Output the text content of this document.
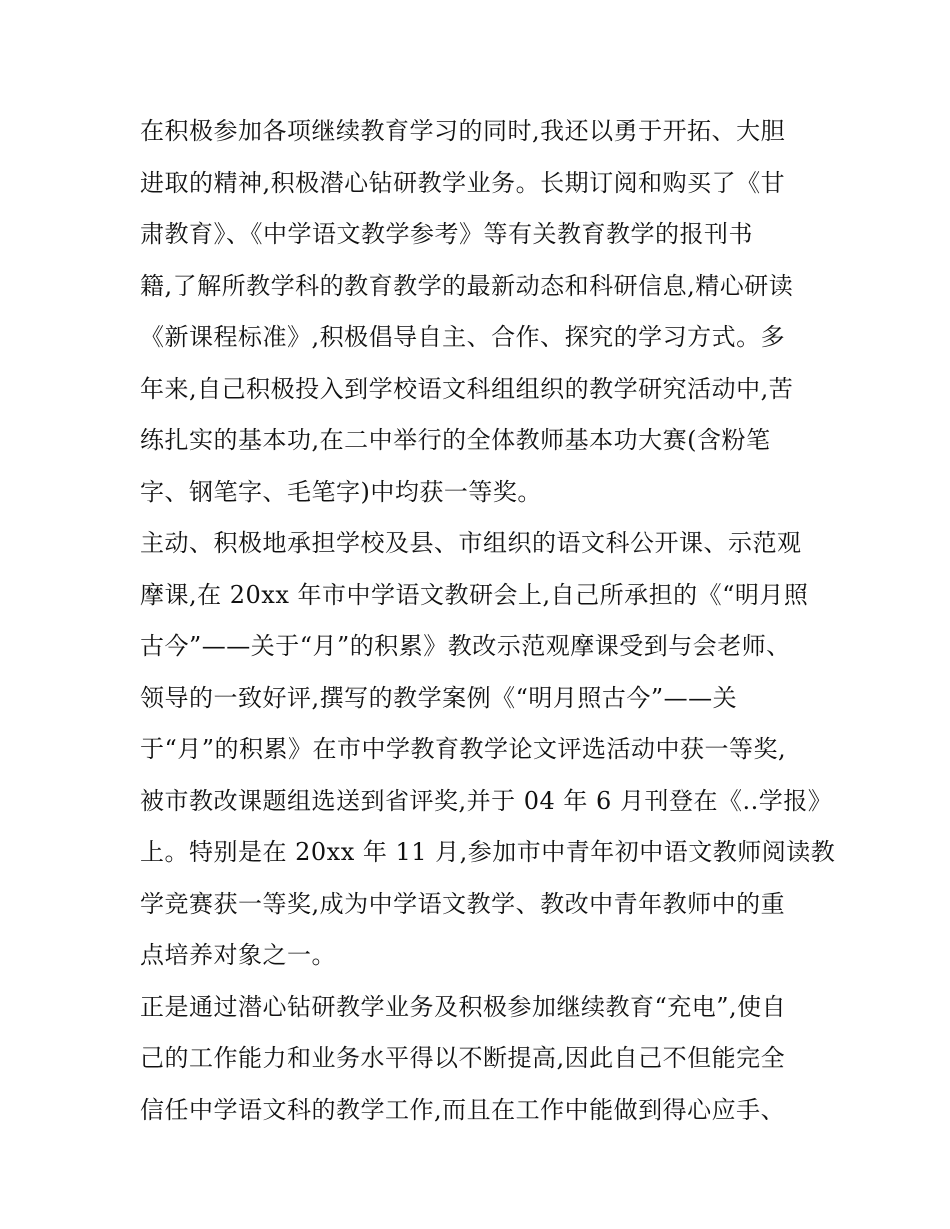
在积极参加各项继续教育学习的同时,我还以勇于开拓、大胆
进取的精神,积极潜心钻研教学业务。长期订阅和购买了《甘
肃教育》、《中学语文教学参考》等有关教育教学的报刊书
籍,了解所教学科的教育教学的最新动态和科研信息,精心研读
《新课程标准》,积极倡导自主、合作、探究的学习方式。多
年来,自己积极投入到学校语文科组组织的教学研究活动中,苦
练扎实的基本功,在二中举行的全体教师基本功大赛(含粉笔
字、钢笔字、毛笔字)中均获一等奖。
主动、积极地承担学校及县、市组织的语文科公开课、示范观
摩课,在 20xx 年市中学语文教研会上,自己所承担的《“明月照
古今”——关于“月”的积累》教改示范观摩课受到与会老师、
领导的一致好评,撰写的教学案例《“明月照古今”——关
于“月”的积累》在市中学教育教学论文评选活动中获一等奖,
被市教改课题组选送到省评奖,并于 04 年 6 月刊登在《..学报》
上。特别是在 20xx 年 11 月,参加市中青年初中语文教师阅读教
学竞赛获一等奖,成为中学语文教学、教改中青年教师中的重
点培养对象之一。
正是通过潜心钻研教学业务及积极参加继续教育“充电”,使自
己的工作能力和业务水平得以不断提高,因此自己不但能完全
信任中学语文科的教学工作,而且在工作中能做到得心应手、
